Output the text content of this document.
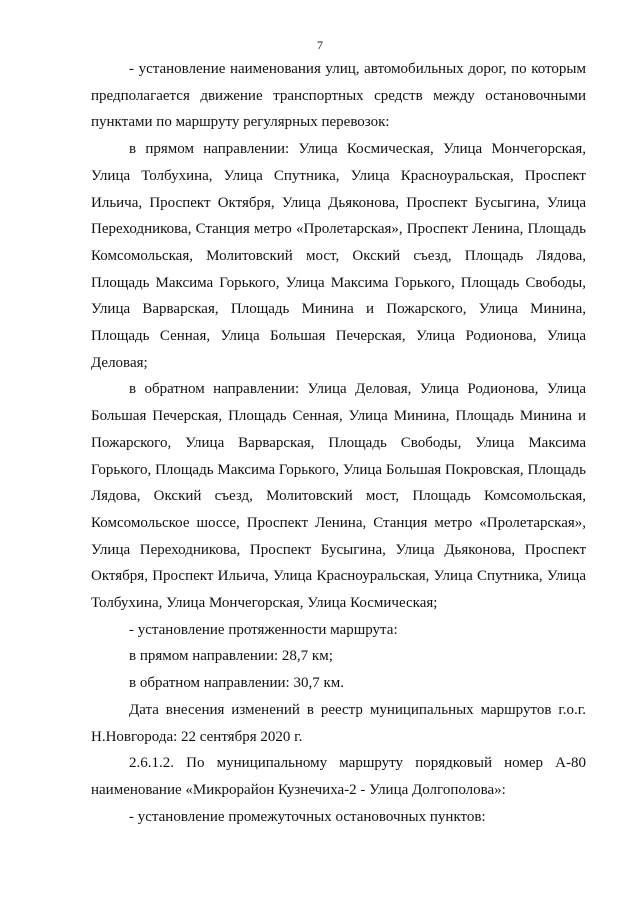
7

- установление наименования улиц, автомобильных дорог, по которым предполагается движение транспортных средств между остановочными пунктами по маршруту регулярных перевозок:

в прямом направлении: Улица Космическая, Улица Мончегорская, Улица Толбухина, Улица Спутника, Улица Красноуральская, Проспект Ильича, Проспект Октября, Улица Дьяконова, Проспект Бусыгина, Улица Переходникова, Станция метро «Пролетарская», Проспект Ленина, Площадь Комсомольская, Молитовский мост, Окский съезд, Площадь Лядова, Площадь Максима Горького, Улица Максима Горького, Площадь Свободы, Улица Варварская, Площадь Минина и Пожарского, Улица Минина, Площадь Сенная, Улица Большая Печерская, Улица Родионова, Улица Деловая;

в обратном направлении: Улица Деловая, Улица Родионова, Улица Большая Печерская, Площадь Сенная, Улица Минина, Площадь Минина и Пожарского, Улица Варварская, Площадь Свободы, Улица Максима Горького, Площадь Максима Горького, Улица Большая Покровская, Площадь Лядова, Окский съезд, Молитовский мост, Площадь Комсомольская, Комсомольское шоссе, Проспект Ленина, Станция метро «Пролетарская», Улица Переходникова, Проспект Бусыгина, Улица Дьяконова, Проспект Октября, Проспект Ильича, Улица Красноуральская, Улица Спутника, Улица Толбухина, Улица Мончегорская, Улица Космическая;

- установление протяженности маршрута:

в прямом направлении: 28,7 км;

в обратном направлении: 30,7 км.

Дата внесения изменений в реестр муниципальных маршрутов г.о.г. Н.Новгорода: 22 сентября 2020 г.

2.6.1.2. По муниципальному маршруту порядковый номер А-80 наименование «Микрорайон Кузнечиха-2 - Улица Долгополова»:

- установление промежуточных остановочных пунктов:
